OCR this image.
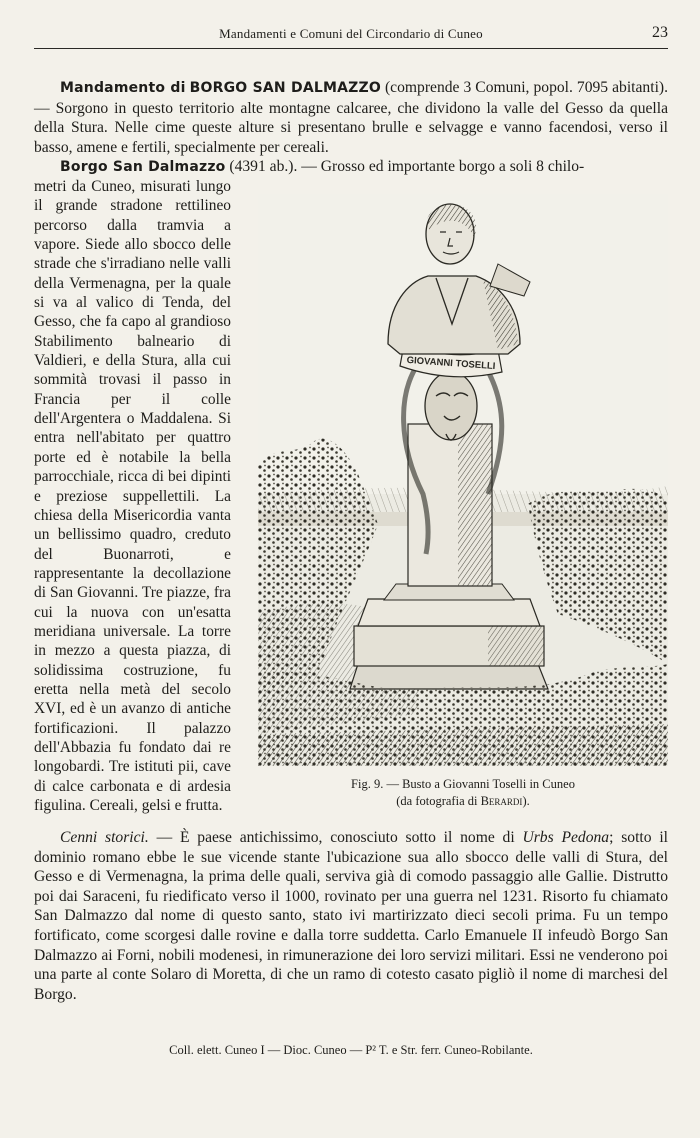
Mandamenti e Comuni del Circondario di Cuneo	23

Mandamento di BORGO SAN DALMAZZO (comprende 3 Comuni, popol. 7095 abitanti). — Sorgono in questo territorio alte montagne calcaree, che dividono la valle del Gesso da quella della Stura. Nelle cime queste alture si presentano brulle e selvagge e vanno facendosi, verso il basso, amene e fertili, specialmente per cereali.

Borgo San Dalmazzo (4391 ab.). — Grosso ed importante borgo a soli 8 chilo-

metri da Cuneo, misurati lungo il grande stradone rettilineo percorso dalla tramvia a vapore. Siede allo sbocco delle strade che s'irradiano nelle valli della Vermenagna, per la quale si va al valico di Tenda, del Gesso, che fa capo al grandioso Stabilimento balneario di Valdieri, e della Stura, alla cui sommità trovasi il passo in Francia per il colle dell'Argentera o Maddalena. Si entra nell'abitato per quattro porte ed è notabile la bella parrocchiale, ricca di bei dipinti e preziose suppellettili. La chiesa della Misericordia vanta un bellissimo quadro, creduto del Buonarroti, e rappresentante la decollazione di San Giovanni. Tre piazze, fra cui la nuova con un'esatta meridiana universale. La torre in mezzo a questa piazza, di solidissima costruzione, fu eretta nella metà del secolo XVI, ed è un avanzo di antiche fortificazioni. Il palazzo dell'Abbazia fu fondato dai re longobardi. Tre istituti pii, cave di calce carbonata e di ardesia figulina. Cereali, gelsi e frutta.

GIOVANNI TOSELLI
Fig. 9. — Busto a Giovanni Toselli in Cuneo
(da fotografia di Berardi).

Cenni storici. — È paese antichissimo, conosciuto sotto il nome di Urbs Pedona; sotto il dominio romano ebbe le sue vicende stante l'ubicazione sua allo sbocco delle valli di Stura, del Gesso e di Vermenagna, la prima delle quali, serviva già di comodo passaggio alle Gallie. Distrutto poi dai Saraceni, fu riedificato verso il 1000, rovinato per una guerra nel 1231. Risorto fu chiamato San Dalmazzo dal nome di questo santo, stato ivi martirizzato dieci secoli prima. Fu un tempo fortificato, come scorgesi dalle rovine e dalla torre suddetta. Carlo Emanuele II infeudò Borgo San Dalmazzo ai Forni, nobili modenesi, in rimunerazione dei loro servizi militari. Essi ne venderono poi una parte al conte Solaro di Moretta, di che un ramo di cotesto casato pigliò il nome di marchesi del Borgo.

Coll. elett. Cuneo I — Dioc. Cuneo — P² T. e Str. ferr. Cuneo-Robilante.
